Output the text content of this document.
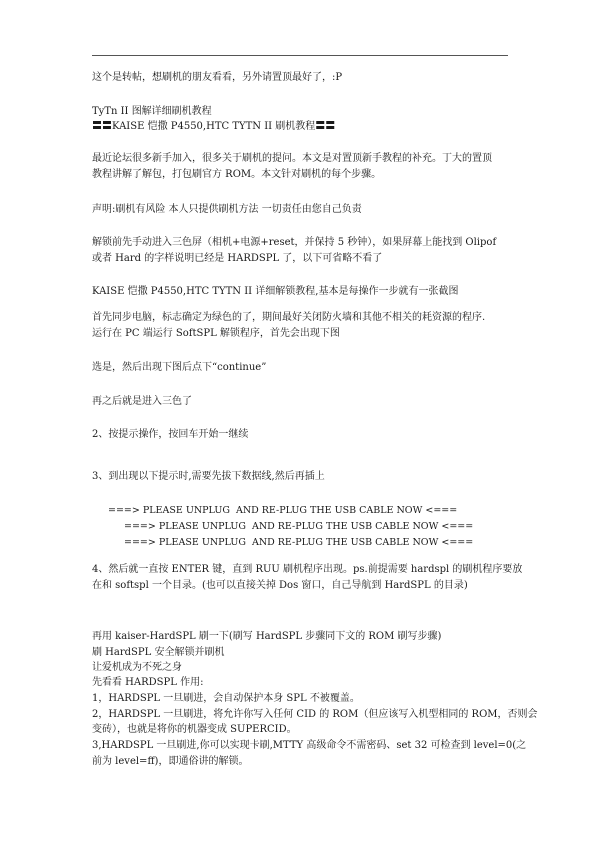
这个是转帖，想刷机的朋友看看，另外请置顶最好了，:P
TyTn II 图解详细刷机教程
〓〓KAISE 恺撒 P4550,HTC TYTN II 刷机教程〓〓
最近论坛很多新手加入，很多关于刷机的提问。本文是对置顶新手教程的补充。丁大的置顶
教程讲解了解包，打包刷官方 ROM。本文针对刷机的每个步骤。
声明:刷机有风险 本人只提供刷机方法 一切责任由您自己负责
解锁前先手动进入三色屏（相机+电源+reset，并保持 5 秒钟），如果屏幕上能找到 Olipof
或者 Hard 的字样说明已经是 HARDSPL 了，以下可省略不看了
KAISE 恺撒 P4550,HTC TYTN II 详细解锁教程,基本是每操作一步就有一张截图
首先同步电脑，标志确定为绿色的了，期间最好关闭防火墙和其他不相关的耗资源的程序.
运行在 PC 端运行 SoftSPL 解锁程序，首先会出现下图
选是，然后出现下图后点下“continue”
再之后就是进入三色了
2、按提示操作，按回车开始一继续
3、到出现以下提示时,需要先拔下数据线,然后再插上
===> PLEASE UNPLUG  AND RE-PLUG THE USB CABLE NOW <===
===> PLEASE UNPLUG  AND RE-PLUG THE USB CABLE NOW <===
===> PLEASE UNPLUG  AND RE-PLUG THE USB CABLE NOW <===
4、然后就一直按 ENTER 键，直到 RUU 刷机程序出现。ps.前提需要 hardspl 的刷机程序要放
在和 softspl 一个目录。(也可以直接关掉 Dos 窗口，自己导航到 HardSPL 的目录)
再用 kaiser-HardSPL 刷一下(刷写 HardSPL 步骤同下文的 ROM 刷写步骤)
刷 HardSPL 安全解锁并刷机
让爱机成为不死之身
先看看 HARDSPL 作用:
1，HARDSPL 一旦刷进，会自动保护本身 SPL 不被覆盖。
2，HARDSPL 一旦刷进，将允许你写入任何 CID 的 ROM（但应该写入机型相同的 ROM，否则会
变砖），也就是将你的机器变成 SUPERCID。
3,HARDSPL 一旦刷进,你可以实现卡刷,MTTY 高级命令不需密码、set 32 可检查到 level=0(之
前为 level=ff)，即通俗讲的解锁。
